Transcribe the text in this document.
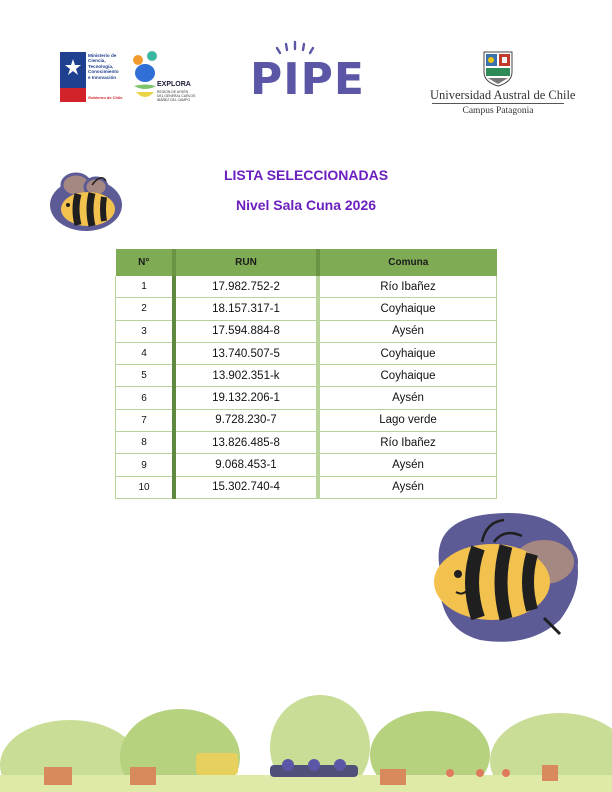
Ministerio de
Ciencia,
Tecnología,
Conocimiento
e Innovación
Gobierno de Chile
EXPLORA
REGIÓN DE AYSÉN
DEL GENERAL CARLOS
IBÁÑEZ DEL CAMPO PIPE	Universidad Austral de Chile
Campus Patagonia
LISTA SELECCIONADAS
Nivel Sala Cuna 2026
N°	RUN	Comuna
1	17.982.752-2	Río Ibañez
2	18.157.317-1	Coyhaique
3	17.594.884-8	Aysén
4	13.740.507-5	Coyhaique
5	13.902.351-k	Coyhaique
6	19.132.206-1	Aysén
7	9.728.230-7	Lago verde
8	13.826.485-8	Río Ibañez
9	9.068.453-1	Aysén
10	15.302.740-4	Aysén
